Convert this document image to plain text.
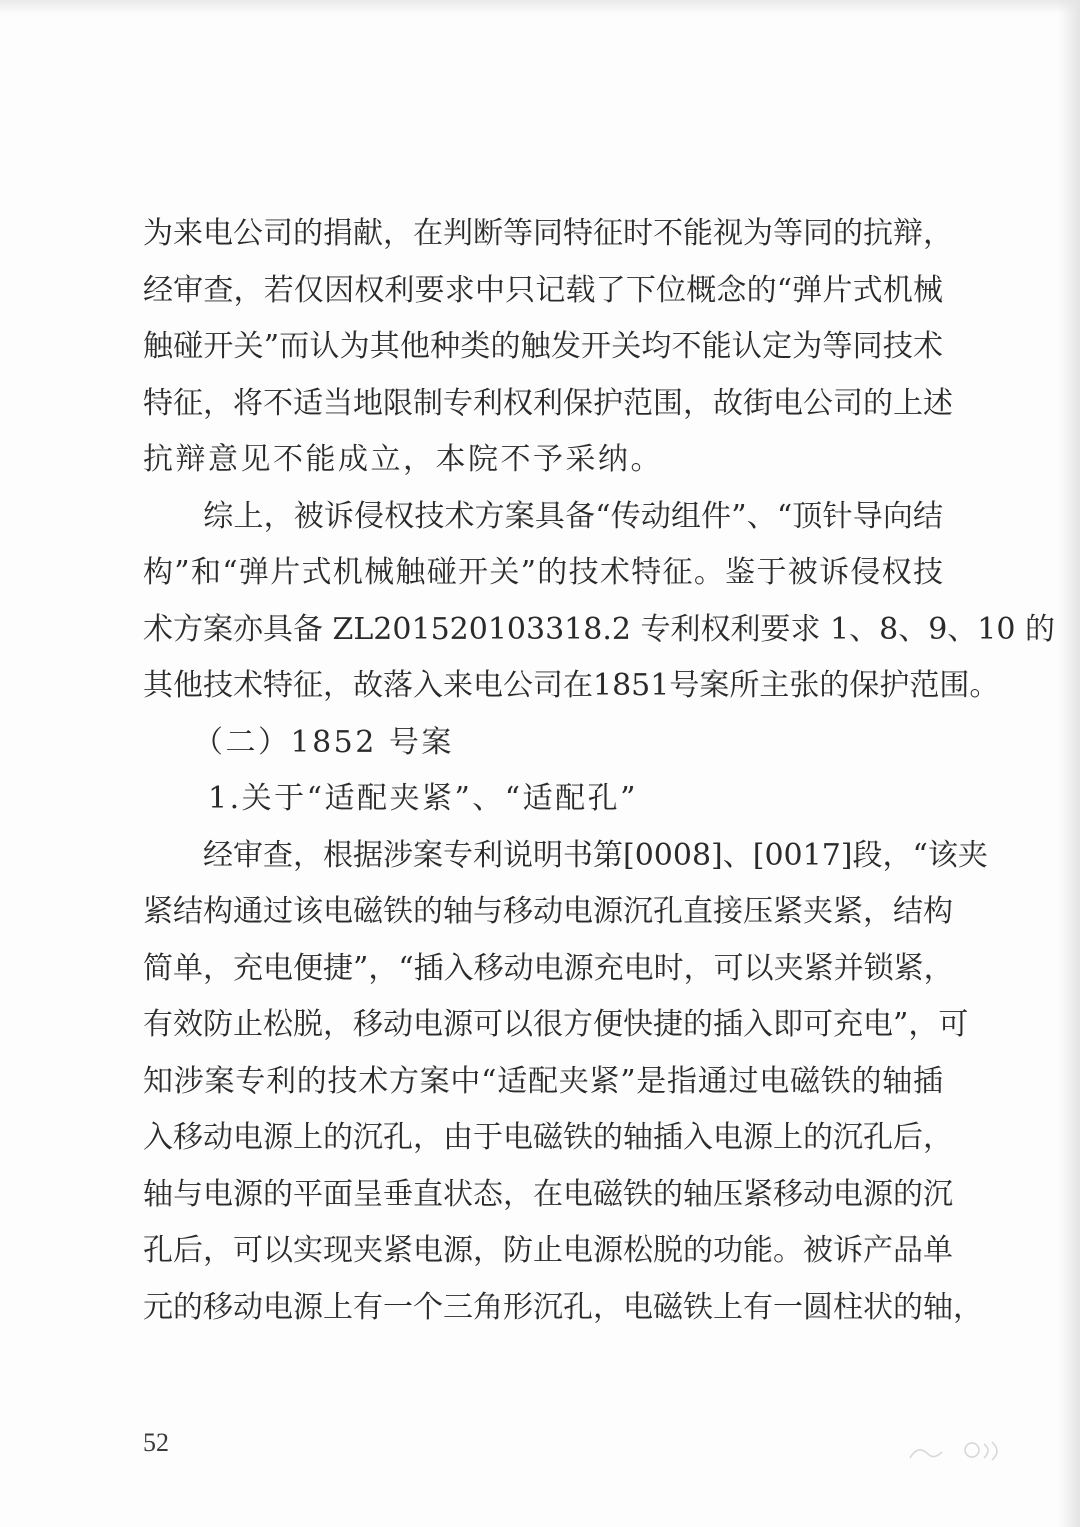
为来电公司的捐献，在判断等同特征时不能视为等同的抗辩，
经审查，若仅因权利要求中只记载了下位概念的“弹片式机械
触碰开关”而认为其他种类的触发开关均不能认定为等同技术
特征，将不适当地限制专利权利保护范围，故街电公司的上述
抗辩意见不能成立，本院不予采纳。
　　综上，被诉侵权技术方案具备“传动组件”、“顶针导向结
构”和“弹片式机械触碰开关”的技术特征。鉴于被诉侵权技
术方案亦具备 ZL201520103318.2 专利权利要求 1、8、9、10 的
其他技术特征，故落入来电公司在1851号案所主张的保护范围。
　　（二）1852 号案
　　1.关于“适配夹紧”、“适配孔”
　　经审查，根据涉案专利说明书第[0008]、[0017]段，“该夹
紧结构通过该电磁铁的轴与移动电源沉孔直接压紧夹紧，结构
简单，充电便捷”，“插入移动电源充电时，可以夹紧并锁紧，
有效防止松脱，移动电源可以很方便快捷的插入即可充电”，可
知涉案专利的技术方案中“适配夹紧”是指通过电磁铁的轴插
入移动电源上的沉孔，由于电磁铁的轴插入电源上的沉孔后，
轴与电源的平面呈垂直状态，在电磁铁的轴压紧移动电源的沉
孔后，可以实现夹紧电源，防止电源松脱的功能。被诉产品单
元的移动电源上有一个三角形沉孔，电磁铁上有一圆柱状的轴，
52
